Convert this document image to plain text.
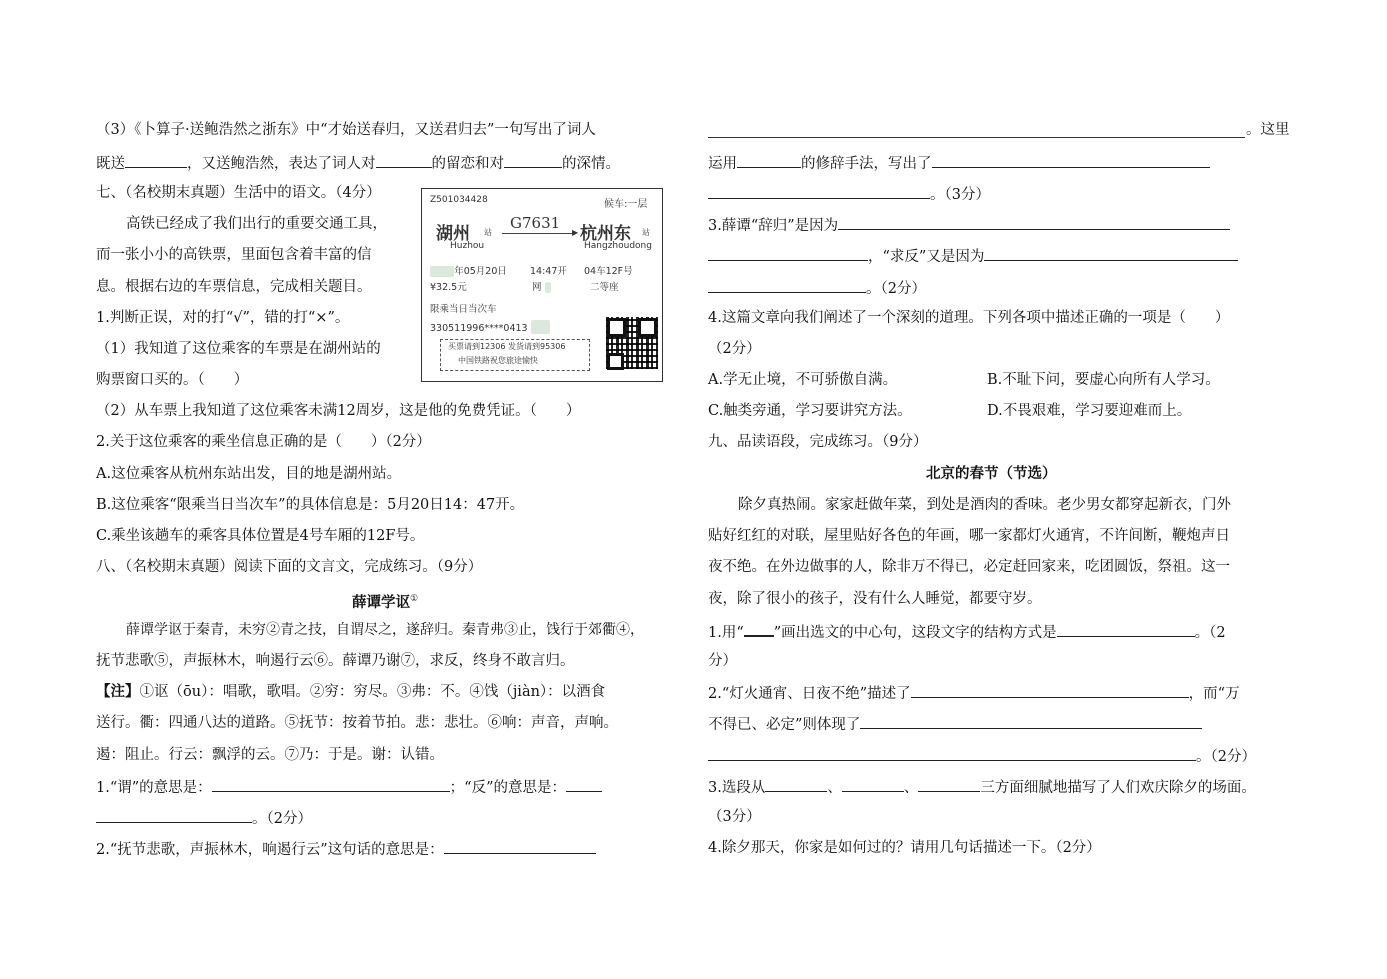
（3）《卜算子·送鲍浩然之浙东》中“才始送春归，又送君归去”一句写出了词人
既送	，又送鲍浩然，表达了词人对	的留恋和对	的深情。
七、（名校期末真题）生活中的语文。（4分）
高铁已经成了我们出行的重要交通工具，
而一张小小的高铁票，里面包含着丰富的信
息。根据右边的车票信息，完成相关题目。
1.判断正误，对的打“√”，错的打“×”。
（1）我知道了这位乘客的车票是在湖州站的
购票窗口买的。（　　）
（2）从车票上我知道了这位乘客未满12周岁，这是他的免费凭证。（　　）
2.关于这位乘客的乘坐信息正确的是（　　）（2分）
A.这位乘客从杭州东站出发，目的地是湖州站。
B.这位乘客“限乘当日当次车”的具体信息是：5月20日14：47开。
C.乘坐该趟车的乘客具体位置是4号车厢的12F号。
八、（名校期末真题）阅读下面的文言文，完成练习。（9分）
薛谭学讴①
薛谭学讴于秦青，未穷②青之技，自谓尽之，遂辞归。秦青弗③止，饯行于郊衢④，
抚节悲歌⑤，声振林木，响遏行云⑥。薛谭乃谢⑦，求反，终身不敢言归。
【注】①讴（ōu）：唱歌，歌唱。②穷：穷尽。③弗：不。④饯（jiàn）：以酒食
送行。衢：四通八达的道路。⑤抚节：按着节拍。悲：悲壮。⑥响：声音，声响。
遏：阻止。行云：飘浮的云。⑦乃：于是。谢：认错。
1.“谓”的意思是：	；“反”的意思是：
。（2分）
2.“抚节悲歌，声振林木，响遏行云”这句话的意思是：
Z501034428	候车:一层
湖州 站
Huzhou
G7631
▶ 杭州东 站
Hangzhoudong
2021年05月20日 14:47开 04车12F号
¥32.5元	网 --	二等座
限乘当日当次车
330511996****0413 某某
买票请到12306 发货请到95306
中国铁路祝您旅途愉快
。这里
运用	的修辞手法，写出了
。（3分）
3.薛谭“辞归”是因为
，“求反”又是因为
。（2分）
4.这篇文章向我们阐述了一个深刻的道理。下列各项中描述正确的一项是（　　）
（2分）
A.学无止境，不可骄傲自满。	B.不耻下问，要虚心向所有人学习。
C.触类旁通，学习要讲究方法。	D.不畏艰难，学习要迎难而上。
九、品读语段，完成练习。（9分）
北京的春节（节选）
除夕真热闹。家家赶做年菜，到处是酒肉的香味。老少男女都穿起新衣，门外
贴好红红的对联，屋里贴好各色的年画，哪一家都灯火通宵，不许间断，鞭炮声日
夜不绝。在外边做事的人，除非万不得已，必定赶回家来，吃团圆饭，祭祖。这一
夜，除了很小的孩子，没有什么人睡觉，都要守岁。
1.用“ ”画出选文的中心句，这段文字的结构方式是	。（2
分）
2.“灯火通宵、日夜不绝”描述了	，而“万
不得已、必定”则体现了
。（2分）
3.选段从	、	、	三方面细腻地描写了人们欢庆除夕的场面。
（3分）
4.除夕那天，你家是如何过的？请用几句话描述一下。（2分）
